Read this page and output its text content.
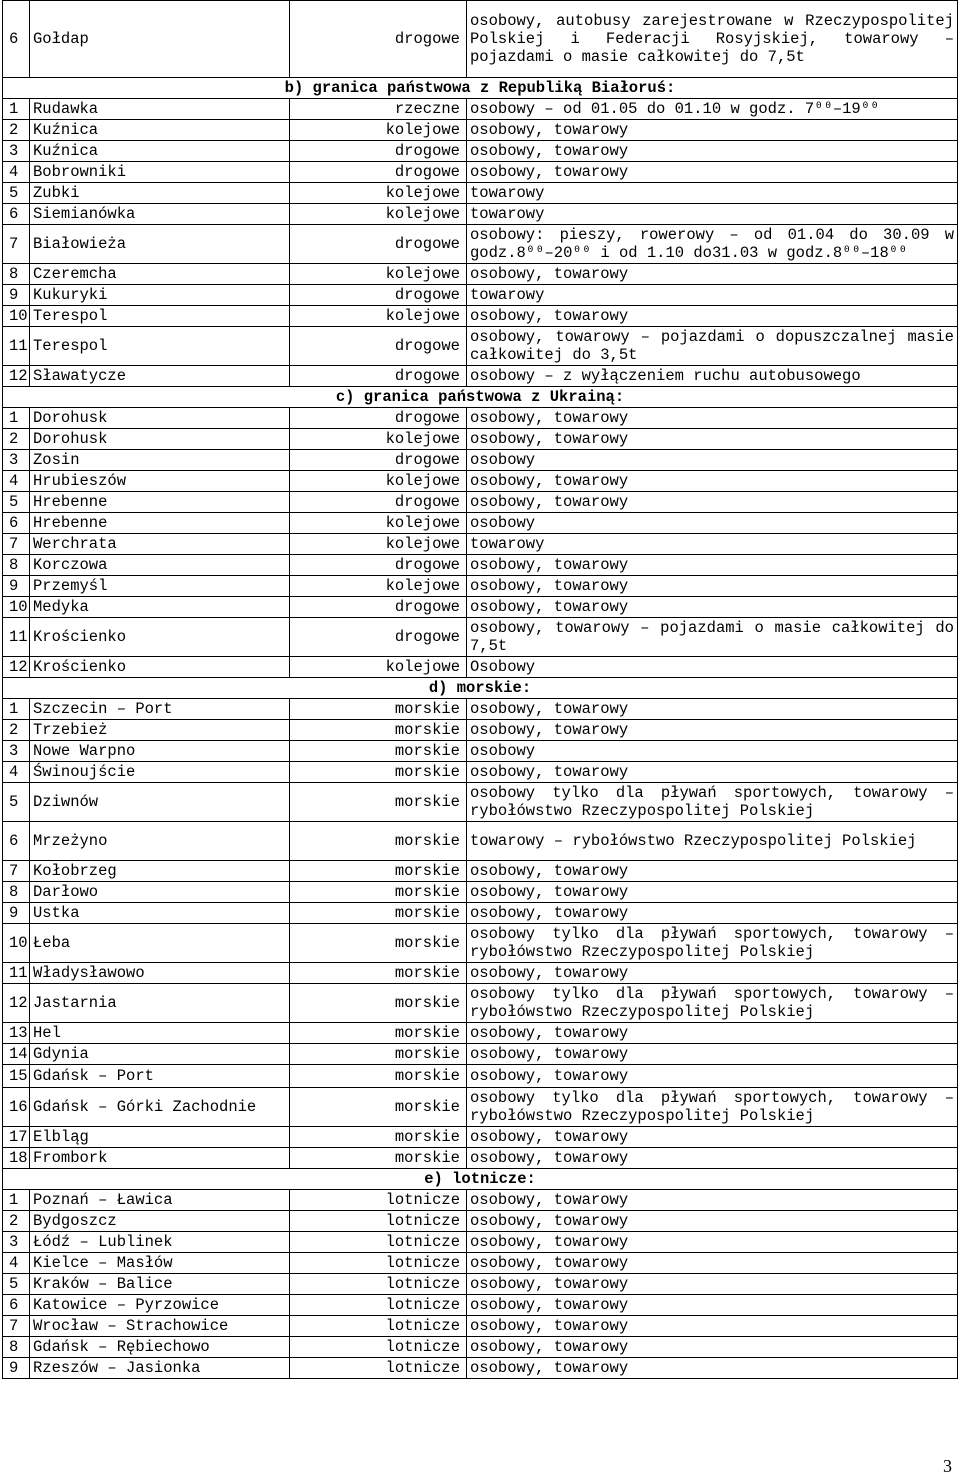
6	Gołdap	drogowe	osobowy, autobusy zarejestrowane w Rzeczypospolitej Polskiej i Federacji Rosyjskiej, towarowy – pojazdami o masie całkowitej do 7,5t
b) granica państwowa z Republiką Białoruś:			
1	Rudawka	rzeczne	osobowy – od 01.05 do 01.10 w godz. 7⁰⁰–19⁰⁰
2	Kuźnica	kolejowe	osobowy, towarowy
3	Kuźnica	drogowe	osobowy, towarowy
4	Bobrowniki	drogowe	osobowy, towarowy
5	Zubki	kolejowe	towarowy
6	Siemianówka	kolejowe	towarowy
7	Białowieża	drogowe	osobowy: pieszy, rowerowy – od 01.04 do 30.09 w godz.8⁰⁰–20⁰⁰ i od 1.10 do31.03 w godz.8⁰⁰–18⁰⁰
8	Czeremcha	kolejowe	osobowy, towarowy
9	Kukuryki	drogowe	towarowy
10	Terespol	kolejowe	osobowy, towarowy
11	Terespol	drogowe	osobowy, towarowy – pojazdami o dopuszczalnej masie całkowitej do 3,5t
12	Sławatycze	drogowe	osobowy – z wyłączeniem ruchu autobusowego
c) granica państwowa z Ukrainą:			
1	Dorohusk	drogowe	osobowy, towarowy
2	Dorohusk	kolejowe	osobowy, towarowy
3	Zosin	drogowe	osobowy
4	Hrubieszów	kolejowe	osobowy, towarowy
5	Hrebenne	drogowe	osobowy, towarowy
6	Hrebenne	kolejowe	osobowy
7	Werchrata	kolejowe	towarowy
8	Korczowa	drogowe	osobowy, towarowy
9	Przemyśl	kolejowe	osobowy, towarowy
10	Medyka	drogowe	osobowy, towarowy
11	Krościenko	drogowe	osobowy, towarowy – pojazdami o masie całkowitej do 7,5t
12	Krościenko	kolejowe	Osobowy
d) morskie:			
1	Szczecin – Port	morskie	osobowy, towarowy
2	Trzebież	morskie	osobowy, towarowy
3	Nowe Warpno	morskie	osobowy
4	Świnoujście	morskie	osobowy, towarowy
5	Dziwnów	morskie	osobowy tylko dla pływań sportowych, towarowy – rybołówstwo Rzeczypospolitej Polskiej
6	Mrzeżyno	morskie	towarowy – rybołówstwo Rzeczypospolitej Polskiej
7	Kołobrzeg	morskie	osobowy, towarowy
8	Darłowo	morskie	osobowy, towarowy
9	Ustka	morskie	osobowy, towarowy
10	Łeba	morskie	osobowy tylko dla pływań sportowych, towarowy – rybołówstwo Rzeczypospolitej Polskiej
11	Władysławowo	morskie	osobowy, towarowy
12	Jastarnia	morskie	osobowy tylko dla pływań sportowych, towarowy – rybołówstwo Rzeczypospolitej Polskiej
13	Hel	morskie	osobowy, towarowy
14	Gdynia	morskie	osobowy, towarowy
15	Gdańsk – Port	morskie	osobowy, towarowy
16	Gdańsk – Górki Zachodnie	morskie	osobowy tylko dla pływań sportowych, towarowy – rybołówstwo Rzeczypospolitej Polskiej
17	Elbląg	morskie	osobowy, towarowy
18	Frombork	morskie	osobowy, towarowy
e) lotnicze:			
1	Poznań – Ławica	lotnicze	osobowy, towarowy
2	Bydgoszcz	lotnicze	osobowy, towarowy
3	Łódź – Lublinek	lotnicze	osobowy, towarowy
4	Kielce – Masłów	lotnicze	osobowy, towarowy
5	Kraków – Balice	lotnicze	osobowy, towarowy
6	Katowice – Pyrzowice	lotnicze	osobowy, towarowy
7	Wrocław – Strachowice	lotnicze	osobowy, towarowy
8	Gdańsk – Rębiechowo	lotnicze	osobowy, towarowy
9	Rzeszów – Jasionka	lotnicze	osobowy, towarowy
3
